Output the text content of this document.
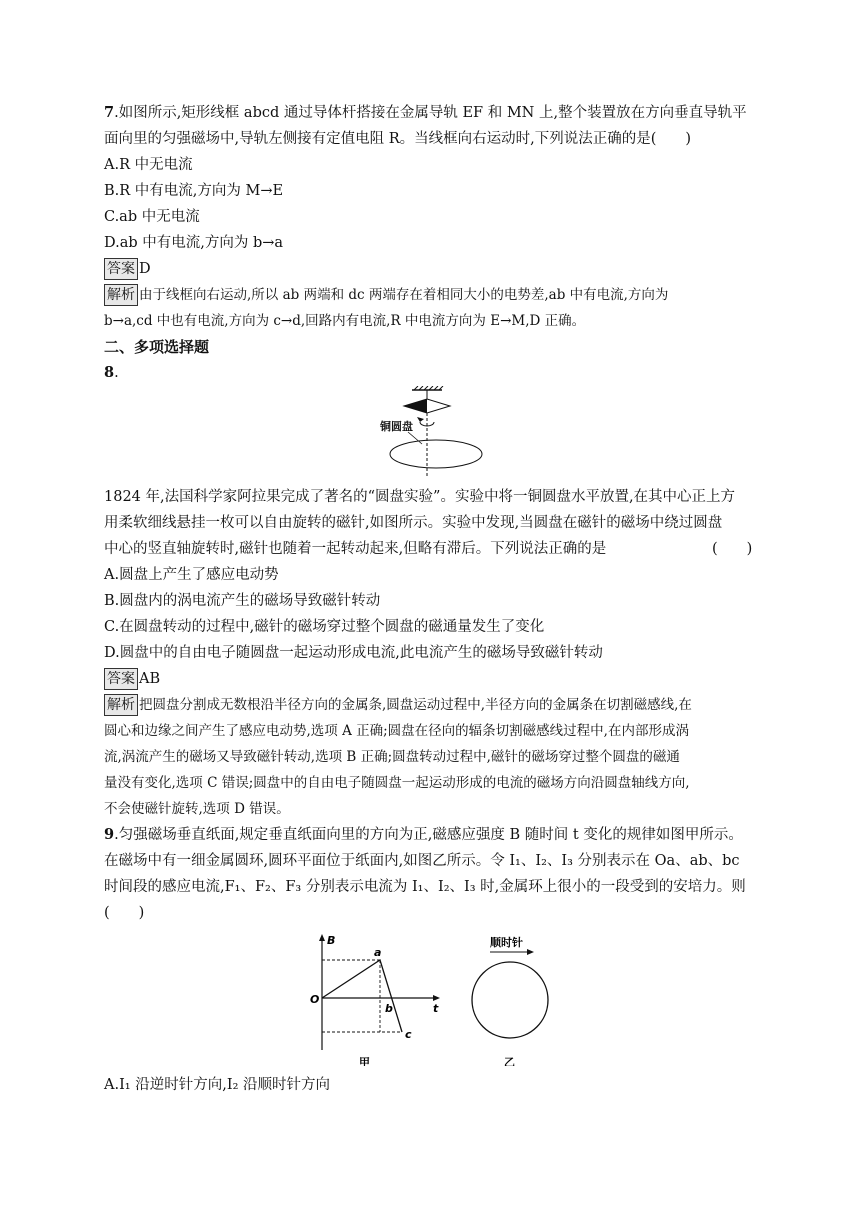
7.如图所示,矩形线框 abcd 通过导体杆搭接在金属导轨 EF 和 MN 上,整个装置放在方向垂直导轨平
面向里的匀强磁场中,导轨左侧接有定值电阻 R。当线框向右运动时,下列说法正确的是(　　)
A.R 中无电流
B.R 中有电流,方向为 M→E
C.ab 中无电流
D.ab 中有电流,方向为 b→a
答案 D
解析 由于线框向右运动,所以 ab 两端和 dc 两端存在着相同大小的电势差,ab 中有电流,方向为
b→a,cd 中也有电流,方向为 c→d,回路内有电流,R 中电流方向为 E→M,D 正确。
二、多项选择题
8.
铜圆盘
1824 年,法国科学家阿拉果完成了著名的“圆盘实验”。实验中将一铜圆盘水平放置,在其中心正上方
用柔软细线悬挂一枚可以自由旋转的磁针,如图所示。实验中发现,当圆盘在磁针的磁场中绕过圆盘
中心的竖直轴旋转时,磁针也随着一起转动起来,但略有滞后。下列说法正确的是	(　　)
A.圆盘上产生了感应电动势
B.圆盘内的涡电流产生的磁场导致磁针转动
C.在圆盘转动的过程中,磁针的磁场穿过整个圆盘的磁通量发生了变化
D.圆盘中的自由电子随圆盘一起运动形成电流,此电流产生的磁场导致磁针转动
答案 AB
解析 把圆盘分割成无数根沿半径方向的金属条,圆盘运动过程中,半径方向的金属条在切割磁感线,在
圆心和边缘之间产生了感应电动势,选项 A 正确;圆盘在径向的辐条切割磁感线过程中,在内部形成涡
流,涡流产生的磁场又导致磁针转动,选项 B 正确;圆盘转动过程中,磁针的磁场穿过整个圆盘的磁通
量没有变化,选项 C 错误;圆盘中的自由电子随圆盘一起运动形成的电流的磁场方向沿圆盘轴线方向,
不会使磁针旋转,选项 D 错误。
9.匀强磁场垂直纸面,规定垂直纸面向里的方向为正,磁感应强度 B 随时间 t 变化的规律如图甲所示。
在磁场中有一细金属圆环,圆环平面位于纸面内,如图乙所示。令 I₁、I₂、I₃ 分别表示在 Oa、ab、bc
时间段的感应电流,F₁、F₂、F₃ 分别表示电流为 I₁、I₂、I₃ 时,金属环上很小的一段受到的安培力。则
(　　)
B
t
O
a
b
c
甲
顺时针
乙
A.I₁ 沿逆时针方向,I₂ 沿顺时针方向
